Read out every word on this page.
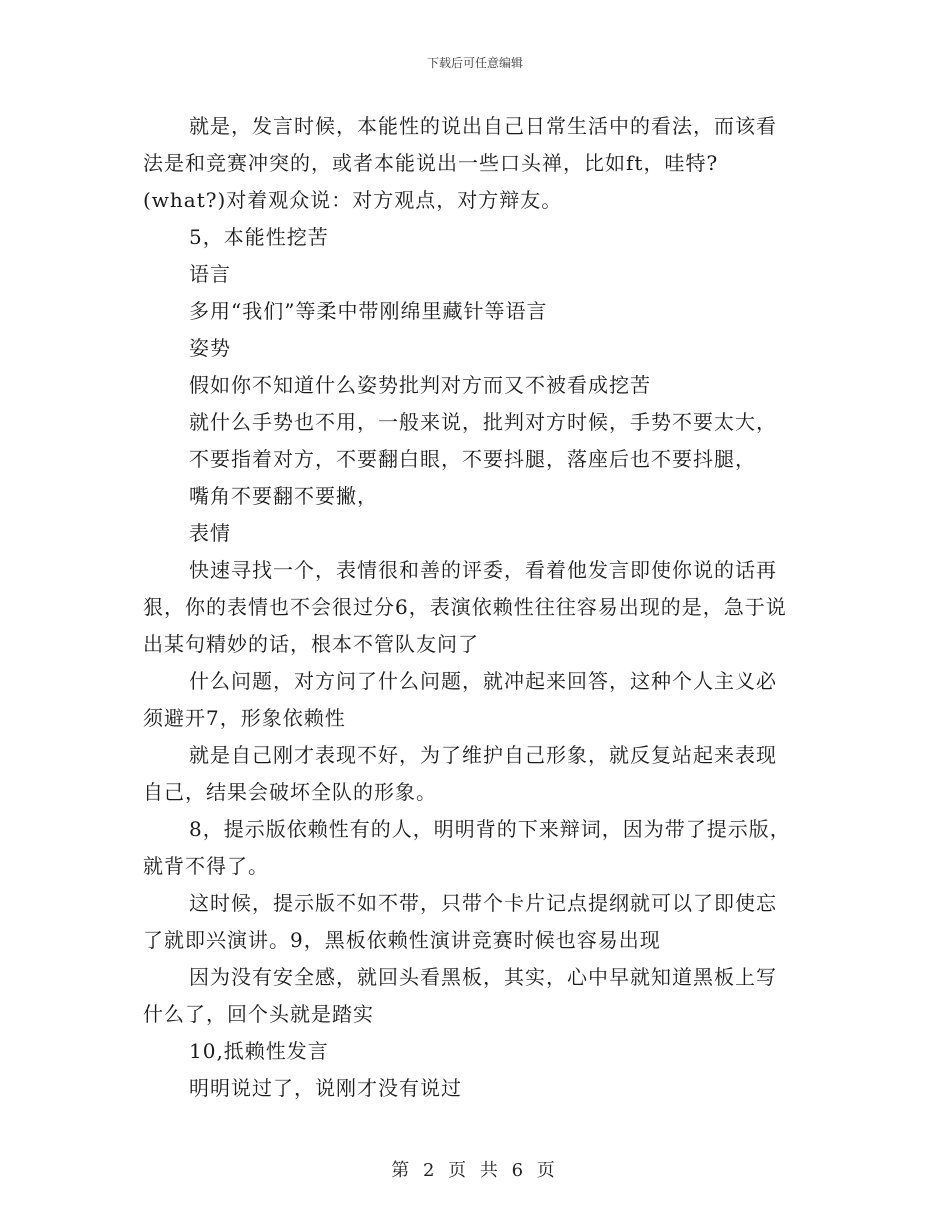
下载后可任意编辑
就是，发言时候，本能性的说出自己日常生活中的看法，而该看
法是和竞赛冲突的，或者本能说出一些口头禅，比如ft，哇特?
(what?)对着观众说：对方观点，对方辩友。
5，本能性挖苦
语言
多用“我们”等柔中带刚绵里藏针等语言
姿势
假如你不知道什么姿势批判对方而又不被看成挖苦
就什么手势也不用，一般来说，批判对方时候，手势不要太大，
不要指着对方，不要翻白眼，不要抖腿，落座后也不要抖腿，
嘴角不要翻不要撇，
表情
快速寻找一个，表情很和善的评委，看着他发言即使你说的话再
狠，你的表情也不会很过分6，表演依赖性往往容易出现的是，急于说
出某句精妙的话，根本不管队友问了
什么问题，对方问了什么问题，就冲起来回答，这种个人主义必
须避开7，形象依赖性
就是自己刚才表现不好，为了维护自己形象，就反复站起来表现
自己，结果会破坏全队的形象。
8，提示版依赖性有的人，明明背的下来辩词，因为带了提示版，
就背不得了。
这时候，提示版不如不带，只带个卡片记点提纲就可以了即使忘
了就即兴演讲。9，黑板依赖性演讲竞赛时候也容易出现
因为没有安全感，就回头看黑板，其实，心中早就知道黑板上写
什么了，回个头就是踏实
10,抵赖性发言
明明说过了，说刚才没有说过
第 2 页 共 6 页
